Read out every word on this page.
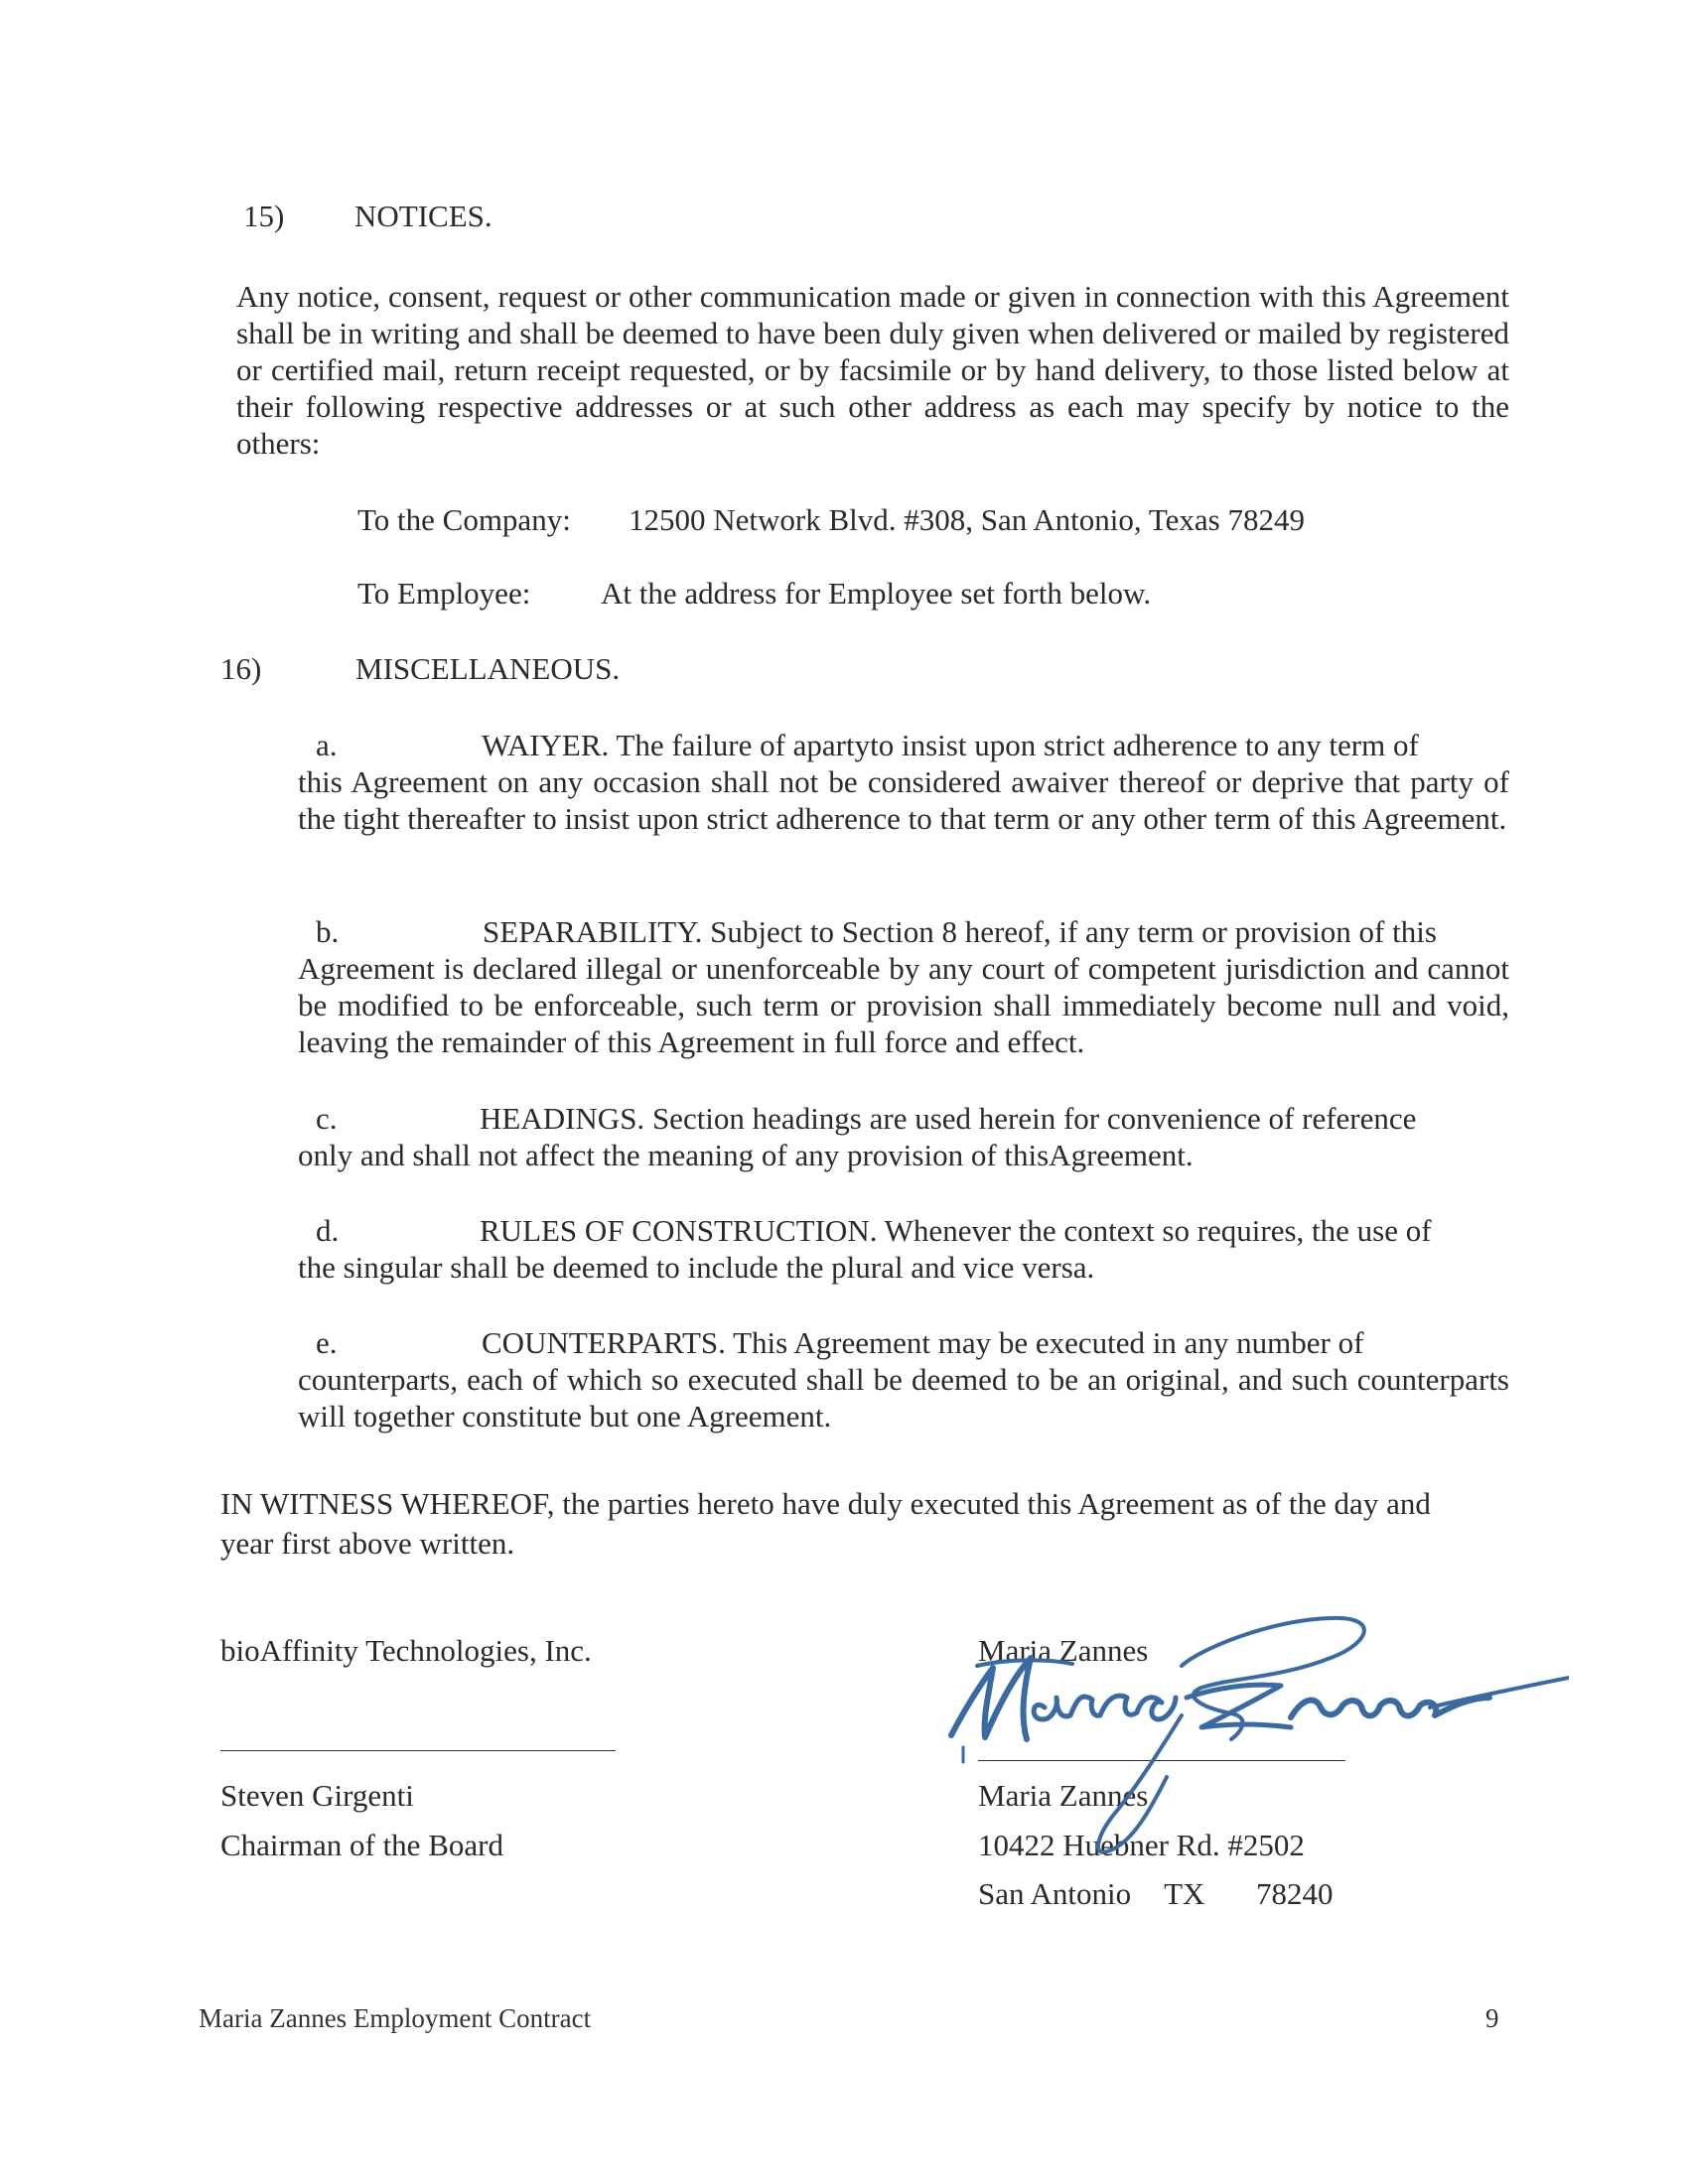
15) NOTICES.
Any notice, consent, request or other communication made or given in connection with this Agreement shall be in writing and shall be deemed to have been duly given when delivered or mailed by registered or certified mail, return receipt requested, or by facsimile or by hand delivery, to those listed below at their following respective addresses or at such other address as each may specify by notice to the others:
To the Company: 12500 Network Blvd. #308, San Antonio, Texas 78249
To Employee: At the address for Employee set forth below.
16)	MISCELLANEOUS.
a.	WAIYER. The failure of apartyto insist upon strict adherence to any term of
this Agreement on any occasion shall not be considered awaiver thereof or deprive that party of the tight thereafter to insist upon strict adherence to that term or any other term of this Agreement.
b.	SEPARABILITY. Subject to Section 8 hereof, if any term or provision of this
Agreement is declared illegal or unenforceable by any court of competent jurisdiction and cannot be modified to be enforceable, such term or provision shall immediately become null and void, leaving the remainder of this Agreement in full force and effect.
c.	HEADINGS. Section headings are used herein for convenience of reference
only and shall not affect the meaning of any provision of thisAgreement.
d.	RULES OF CONSTRUCTION. Whenever the context so requires, the use of
the singular shall be deemed to include the plural and vice versa.
e.	COUNTERPARTS. This Agreement may be executed in any number of
counterparts, each of which so executed shall be deemed to be an original, and such counterparts will together constitute but one Agreement.
IN WITNESS WHEREOF, the parties hereto have duly executed this Agreement as of the day and year first above written.
bioAffinity Technologies, Inc.
Steven Girgenti
Chairman of the Board
Maria Zannes
Maria Zannes
10422 Huebner Rd. #2502
San Antonio TX 78240
Maria Zannes Employment Contract	9
